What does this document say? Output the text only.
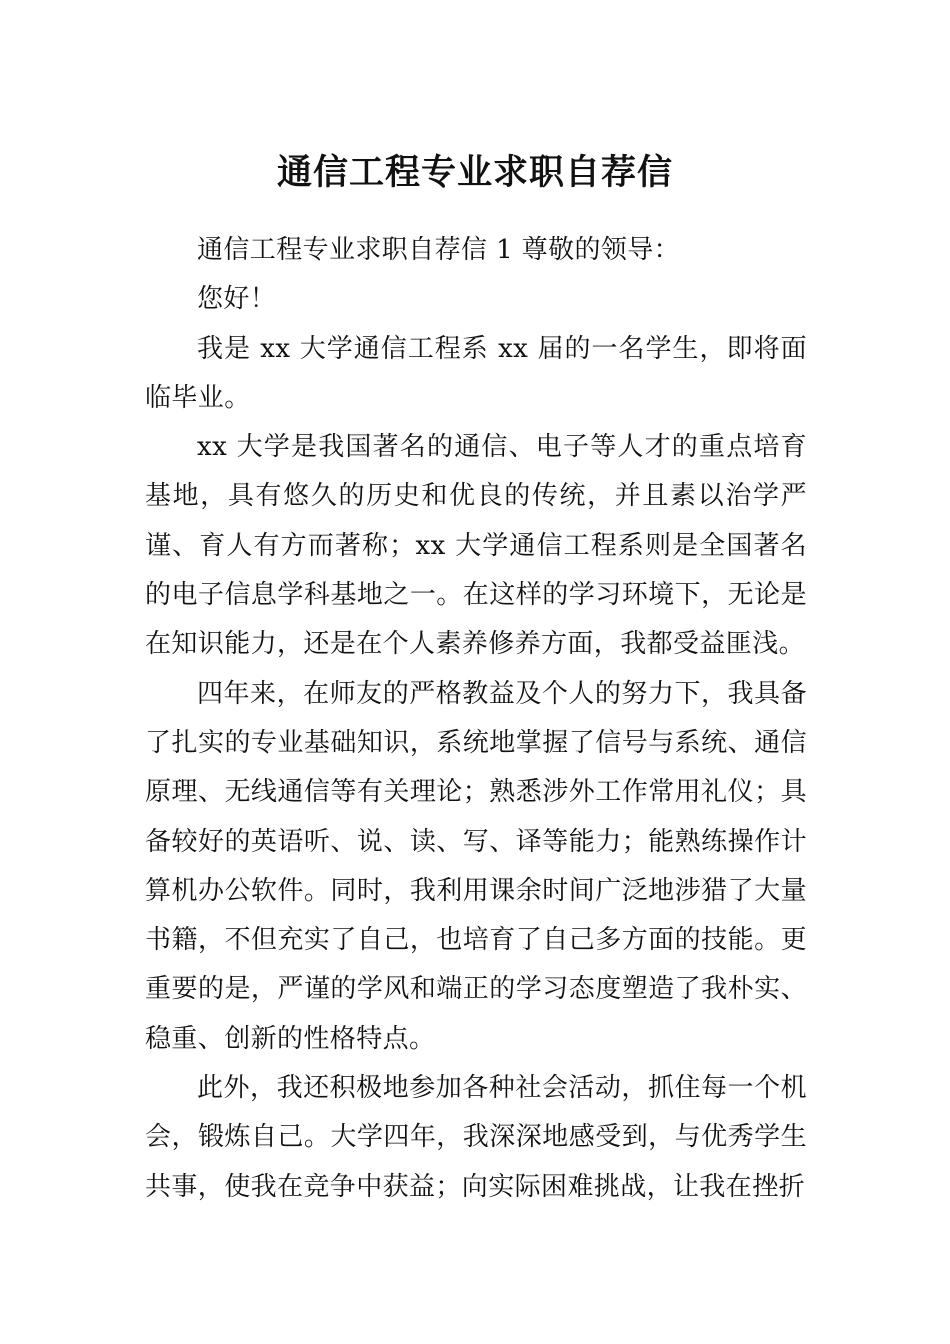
通信工程专业求职自荐信

通信工程专业求职自荐信 1 尊敬的领导：

您好！

我是 xx 大学通信工程系 xx 届的一名学生，即将面临毕业。

xx 大学是我国著名的通信、电子等人才的重点培育基地，具有悠久的历史和优良的传统，并且素以治学严谨、育人有方而著称；xx 大学通信工程系则是全国著名的电子信息学科基地之一。在这样的学习环境下，无论是在知识能力，还是在个人素养修养方面，我都受益匪浅。

四年来，在师友的严格教益及个人的努力下，我具备了扎实的专业基础知识，系统地掌握了信号与系统、通信原理、无线通信等有关理论；熟悉涉外工作常用礼仪；具备较好的英语听、说、读、写、译等能力；能熟练操作计算机办公软件。同时，我利用课余时间广泛地涉猎了大量书籍，不但充实了自己，也培育了自己多方面的技能。更重要的是，严谨的学风和端正的学习态度塑造了我朴实、稳重、创新的性格特点。

此外，我还积极地参加各种社会活动，抓住每一个机会，锻炼自己。大学四年，我深深地感受到，与优秀学生共事，使我在竞争中获益；向实际困难挑战，让我在挫折
